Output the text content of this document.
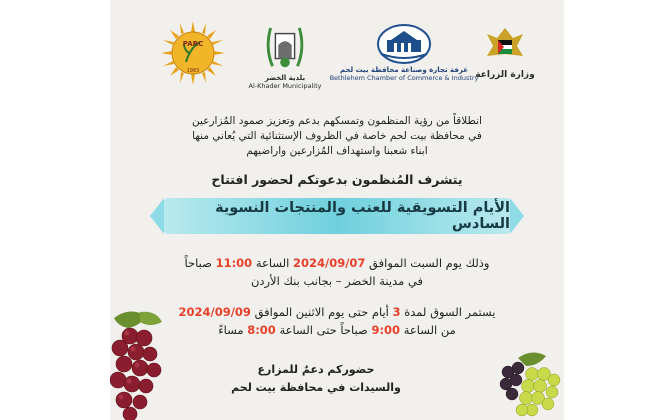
وزارة الزراعة
غرفة تجارة وصناعة محافظة بيت لحم
Bethlehem Chamber of Commerce & Industry
بلدية الخضر
Al-Khader Municipality
PARC
1983
انطلاقاً من رؤية المنظمون وتمسكهم بدعم وتعزيز صمود المُزارعين
في محافظة بيت لحم خاصة في الظروف الإستثنائية التي يُعاني منها
ابناء شعبنا واستهداف المُزارعين واراضيهم
يتشرف المُنظمون بدعوتكم لحضور افتتاح
الأيام التسويقية للعنب والمنتجات النسوية السادس
وذلك يوم السبت الموافق 2024/09/07 الساعة 11:00 صباحاً
في مدينة الخضر – بجانب بنك الأردن
يستمر السوق لمدة 3 أيام حتى يوم الاثنين الموافق 2024/09/09
من الساعة 9:00 صباحاً حتى الساعة 8:00 مساءً
حضوركم دعمٌ للمزارع
والسيدات في محافظة بيت لحم
